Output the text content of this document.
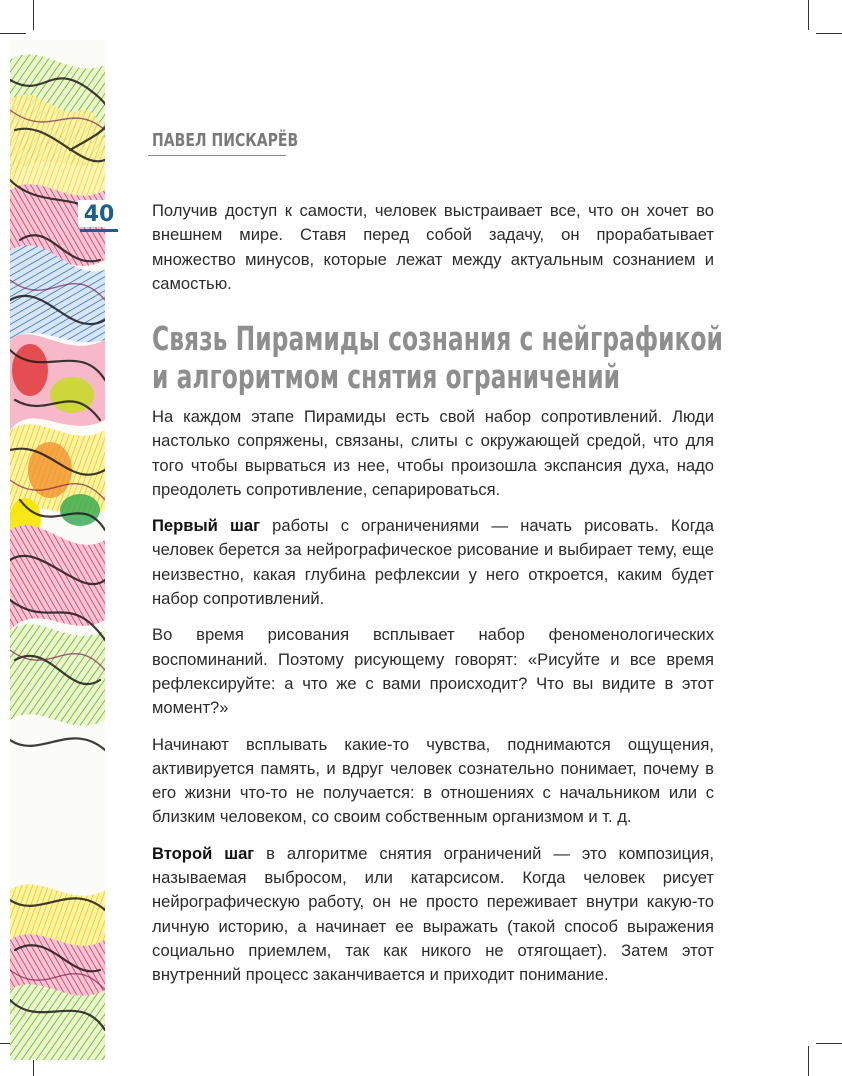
ПАВЕЛ ПИСКАРЁВ
40	Получив доступ к самости, человек выстраивает все, что он хочет во внешнем мире. Ставя перед собой задачу, он прорабатывает множество минусов, которые лежат между актуальным сознанием и самостью.

Связь Пирамиды сознания с нейграфикой
и алгоритмом снятия ограничений

На каждом этапе Пирамиды есть свой набор сопротивлений. Люди настолько сопряжены, связаны, слиты с окружающей средой, что для того чтобы вырваться из нее, чтобы произошла экспансия духа, надо преодолеть сопротивление, сепарироваться.

Первый шаг работы с ограничениями — начать рисовать. Когда человек берется за нейрографическое рисование и выбирает тему, еще неизвестно, какая глубина рефлексии у него откроется, каким будет набор сопротивлений.

Во время рисования всплывает набор феноменологических воспоминаний. Поэтому рисующему говорят: «Рисуйте и все время рефлексируйте: а что же с вами происходит? Что вы видите в этот момент?»

Начинают всплывать какие-то чувства, поднимаются ощущения, активируется память, и вдруг человек сознательно понимает, почему в его жизни что-то не получается: в отношениях с начальником или с близким человеком, со своим собственным организмом и т. д.

Второй шаг в алгоритме снятия ограничений — это композиция, называемая выбросом, или катарсисом. Когда человек рисует нейрографическую работу, он не просто переживает внутри какую-то личную историю, а начинает ее выражать (такой способ выражения социально приемлем, так как никого не отягощает). Затем этот внутренний процесс заканчивается и приходит понимание.
